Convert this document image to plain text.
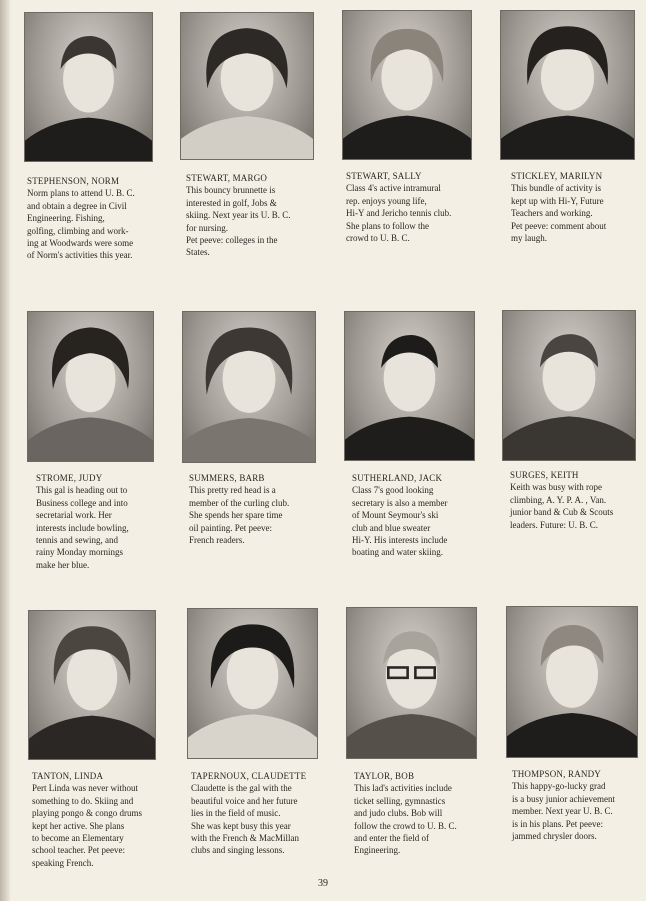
STEPHENSON, NORM
Norm plans to attend U. B. C.
and obtain a degree in Civil
Engineering. Fishing,
golfing, climbing and work-
ing at Woodwards were some
of Norm's activities this year.
STEWART, MARGO
This bouncy brunnette is
interested in golf, Jobs &
skiing. Next year its U. B. C.
for nursing.
Pet peeve: colleges in the
States.
STEWART, SALLY
Class 4's active intramural
rep. enjoys young life,
Hi-Y and Jericho tennis club.
She plans to follow the
crowd to U. B. C.
STICKLEY, MARILYN
This bundle of activity is
kept up with Hi-Y, Future
Teachers and working.
Pet peeve: comment about
my laugh.
STROME, JUDY
This gal is heading out to
Business college and into
secretarial work. Her
interests include bowling,
tennis and sewing, and
rainy Monday mornings
make her blue.
SUMMERS, BARB
This pretty red head is a
member of the curling club.
She spends her spare time
oil painting. Pet peeve:
French readers.
SUTHERLAND, JACK
Class 7's good looking
secretary is also a member
of Mount Seymour's ski
club and blue sweater
Hi-Y. His interests include
boating and water skiing.
SURGES, KEITH
Keith was busy with rope
climbing, A. Y. P. A. , Van.
junior band & Cub & Scouts
leaders. Future: U. B. C.
TANTON, LINDA
Pert Linda was never without
something to do. Skiing and
playing pongo & congo drums
kept her active. She plans
to become an Elementary
school teacher. Pet peeve:
speaking French.
TAPERNOUX, CLAUDETTE
Claudette is the gal with the
beautiful voice and her future
lies in the field of music.
She was kept busy this year
with the French & MacMillan
clubs and singing lessons.
TAYLOR, BOB
This lad's activities include
ticket selling, gymnastics
and judo clubs. Bob will
follow the crowd to U. B. C.
and enter the field of
Engineering.
THOMPSON, RANDY
This happy-go-lucky grad
is a busy junior achievement
member. Next year U. B. C.
is in his plans. Pet peeve:
jammed chrysler doors.
39
